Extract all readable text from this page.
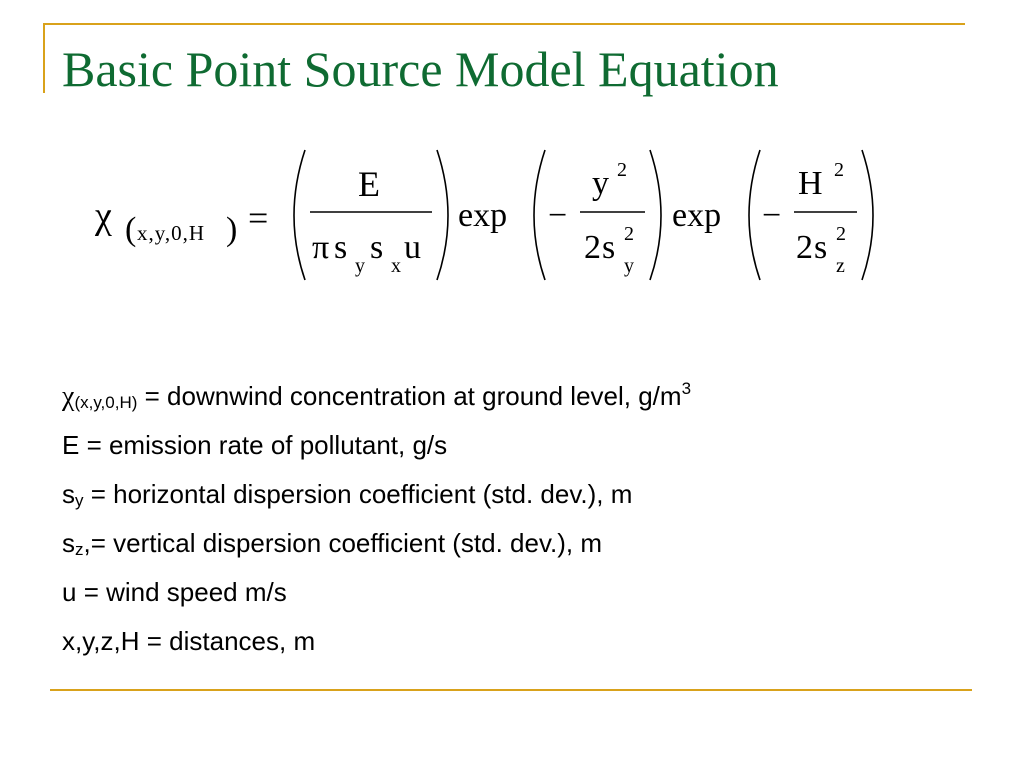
Basic Point Source Model Equation
χ ( x,y,0,H ) =
E
π s y s x u
exp −
y 2
2 s 2
y
exp −
H 2
2 s 2
z
$\chi_{(x,y,0,H)}$ = downwind concentration at ground level, $g/m^3$
E = emission rate of pollutant, g/s
$s_y$ = horizontal dispersion coefficient (std. dev.), m
$s_z,=$ vertical dispersion coefficient (std. dev.), m
u = wind speed m/s
x,y,z,H = distances, m
